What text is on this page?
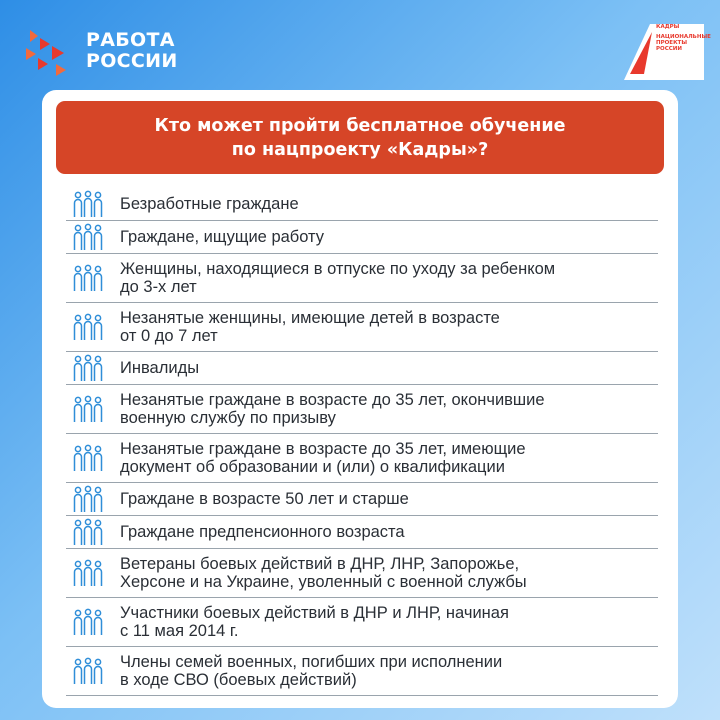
РАБОТА
РОССИИ
КАДРЫ
НАЦИОНАЛЬНЫЕ ПРОЕКТЫ РОССИИ
Кто может пройти бесплатное обучение
по нацпроекту «Кадры»?
Безработные граждане
Граждане, ищущие работу
Женщины, находящиеся в отпуске по уходу за ребенком
до 3-х лет
Незанятые женщины, имеющие детей в возрасте
от 0 до 7 лет
Инвалиды
Незанятые граждане в возрасте до 35 лет, окончившие
военную службу по призыву
Незанятые граждане в возрасте до 35 лет, имеющие
документ об образовании и (или) о квалификации
Граждане в возрасте 50 лет и старше
Граждане предпенсионного возраста
Ветераны боевых действий в ДНР, ЛНР, Запорожье,
Херсоне и на Украине, уволенный с военной службы
Участники боевых действий в ДНР и ЛНР, начиная
с 11 мая 2014 г.
Члены семей военных, погибших при исполнении
в ходе СВО (боевых действий)
